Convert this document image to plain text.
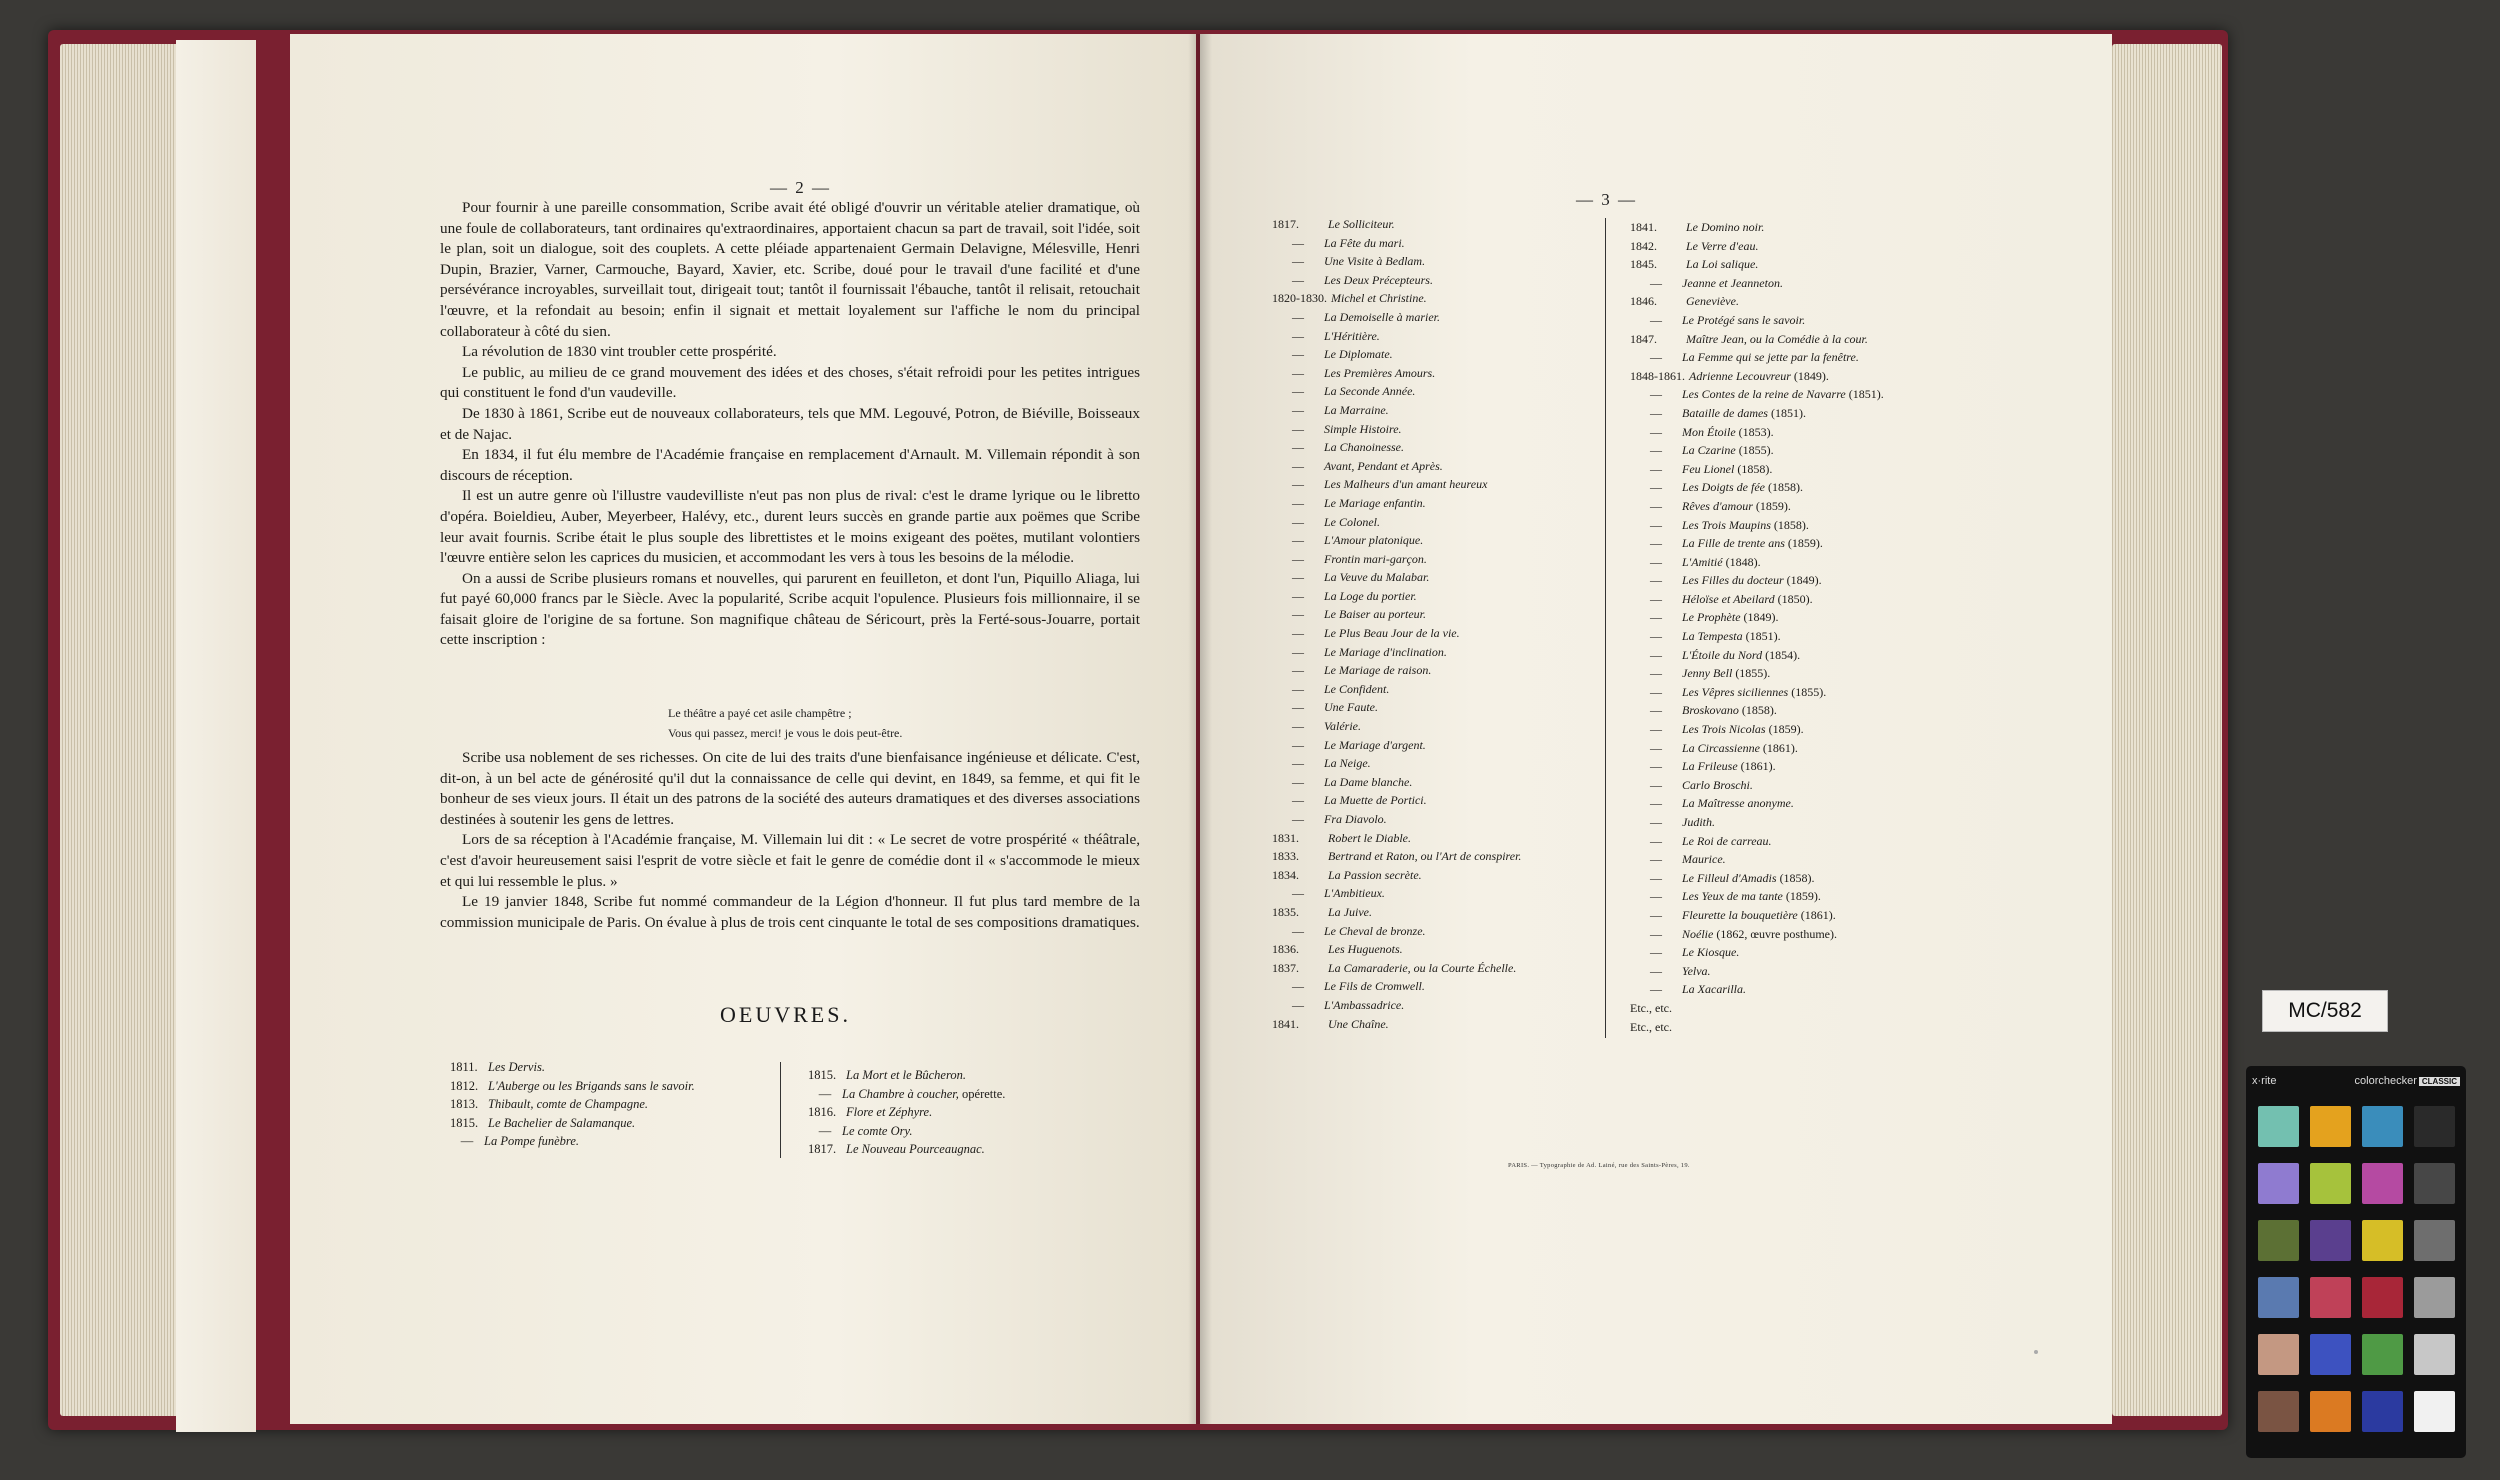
— 2 —
— 3 —

Pour fournir à une pareille consommation, Scribe avait été obligé d'ouvrir un véritable atelier dramatique, où une foule de collaborateurs, tant ordinaires qu'extraordinaires, apportaient chacun sa part de travail, soit l'idée, soit le plan, soit un dialogue, soit des couplets. A cette pléiade appartenaient Germain Delavigne, Mélesville, Henri Dupin, Brazier, Varner, Carmouche, Bayard, Xavier, etc. Scribe, doué pour le travail d'une facilité et d'une persévérance incroyables, surveillait tout, dirigeait tout; tantôt il fournissait l'ébauche, tantôt il relisait, retouchait l'œuvre, et la refondait au besoin; enfin il signait et mettait loyalement sur l'affiche le nom du principal collaborateur à côté du sien.

La révolution de 1830 vint troubler cette prospérité.

Le public, au milieu de ce grand mouvement des idées et des choses, s'était refroidi pour les petites intrigues qui constituent le fond d'un vaudeville.

De 1830 à 1861, Scribe eut de nouveaux collaborateurs, tels que MM. Legouvé, Potron, de Biéville, Boisseaux et de Najac.

En 1834, il fut élu membre de l'Académie française en remplacement d'Arnault. M. Villemain répondit à son discours de réception.

Il est un autre genre où l'illustre vaudevilliste n'eut pas non plus de rival: c'est le drame lyrique ou le libretto d'opéra. Boieldieu, Auber, Meyerbeer, Halévy, etc., durent leurs succès en grande partie aux poëmes que Scribe leur avait fournis. Scribe était le plus souple des librettistes et le moins exigeant des poëtes, mutilant volontiers l'œuvre entière selon les caprices du musicien, et accommodant les vers à tous les besoins de la mélodie.

On a aussi de Scribe plusieurs romans et nouvelles, qui parurent en feuilleton, et dont l'un, Piquillo Aliaga, lui fut payé 60,000 francs par le Siècle. Avec la popularité, Scribe acquit l'opulence. Plusieurs fois millionnaire, il se faisait gloire de l'origine de sa fortune. Son magnifique château de Séricourt, près la Ferté-sous-Jouarre, portait cette inscription :

Le théâtre a payé cet asile champêtre ;
Vous qui passez, merci! je vous le dois peut-être.

Scribe usa noblement de ses richesses. On cite de lui des traits d'une bienfaisance ingénieuse et délicate. C'est, dit-on, à un bel acte de générosité qu'il dut la connaissance de celle qui devint, en 1849, sa femme, et qui fit le bonheur de ses vieux jours. Il était un des patrons de la société des auteurs dramatiques et des diverses associations destinées à soutenir les gens de lettres.

Lors de sa réception à l'Académie française, M. Villemain lui dit : « Le secret de votre prospérité « théâtrale, c'est d'avoir heureusement saisi l'esprit de votre siècle et fait le genre de comédie dont il « s'accommode le mieux et qui lui ressemble le plus. »

Le 19 janvier 1848, Scribe fut nommé commandeur de la Légion d'honneur. Il fut plus tard membre de la commission municipale de Paris. On évalue à plus de trois cent cinquante le total de ses compositions dramatiques.

OEUVRES.
1811. Les Dervis.
1812. L'Auberge ou les Brigands sans le savoir.
1813. Thibault, comte de Champagne.
1815. Le Bachelier de Salamanque.
— La Pompe funèbre.
1815. La Mort et le Bûcheron.
— La Chambre à coucher, opérette.
1816. Flore et Zéphyre.
— Le comte Ory.
1817. Le Nouveau Pourceaugnac.
1817. Le Solliciteur.
— La Fête du mari.
— Une Visite à Bedlam.
— Les Deux Précepteurs.
1820-1830. Michel et Christine.
— La Demoiselle à marier.
— L'Héritière.
— Le Diplomate.
— Les Premières Amours.
— La Seconde Année.
— La Marraine.
— Simple Histoire.
— La Chanoinesse.
— Avant, Pendant et Après.
— Les Malheurs d'un amant heureux
— Le Mariage enfantin.
— Le Colonel.
— L'Amour platonique.
— Frontin mari-garçon.
— La Veuve du Malabar.
— La Loge du portier.
— Le Baiser au porteur.
— Le Plus Beau Jour de la vie.
— Le Mariage d'inclination.
— Le Mariage de raison.
— Le Confident.
— Une Faute.
— Valérie.
— Le Mariage d'argent.
— La Neige.
— La Dame blanche.
— La Muette de Portici.
— Fra Diavolo.
1831. Robert le Diable.
1833. Bertrand et Raton, ou l'Art de conspirer.
1834. La Passion secrète.
— L'Ambitieux.
1835. La Juive.
— Le Cheval de bronze.
1836. Les Huguenots.
1837. La Camaraderie, ou la Courte Échelle.
— Le Fils de Cromwell.
— L'Ambassadrice.
1841. Une Chaîne.
1841. Le Domino noir.
1842. Le Verre d'eau.
1845. La Loi salique.
— Jeanne et Jeanneton.
1846. Geneviève.
— Le Protégé sans le savoir.
1847. Maître Jean, ou la Comédie à la cour.
— La Femme qui se jette par la fenêtre.
1848-1861. Adrienne Lecouvreur (1849).
— Les Contes de la reine de Navarre (1851).
— Bataille de dames (1851).
— Mon Étoile (1853).
— La Czarine (1855).
— Feu Lionel (1858).
— Les Doigts de fée (1858).
— Rêves d'amour (1859).
— Les Trois Maupins (1858).
— La Fille de trente ans (1859).
— L'Amitié (1848).
— Les Filles du docteur (1849).
— Héloïse et Abeilard (1850).
— Le Prophète (1849).
— La Tempesta (1851).
— L'Étoile du Nord (1854).
— Jenny Bell (1855).
— Les Vêpres siciliennes (1855).
— Broskovano (1858).
— Les Trois Nicolas (1859).
— La Circassienne (1861).
— La Frileuse (1861).
— Carlo Broschi.
— La Maîtresse anonyme.
— Judith.
— Le Roi de carreau.
— Maurice.
— Le Filleul d'Amadis (1858).
— Les Yeux de ma tante (1859).
— Fleurette la bouquetière (1861).
— Noélie (1862, œuvre posthume).
— Le Kiosque.
— Yelva.
— La Xacarilla.
Etc., etc.
Etc., etc.
PARIS. — Typographie de Ad. Lainé, rue des Saints-Pères, 19.
MC/582
x·rite	colorchecker CLASSIC
